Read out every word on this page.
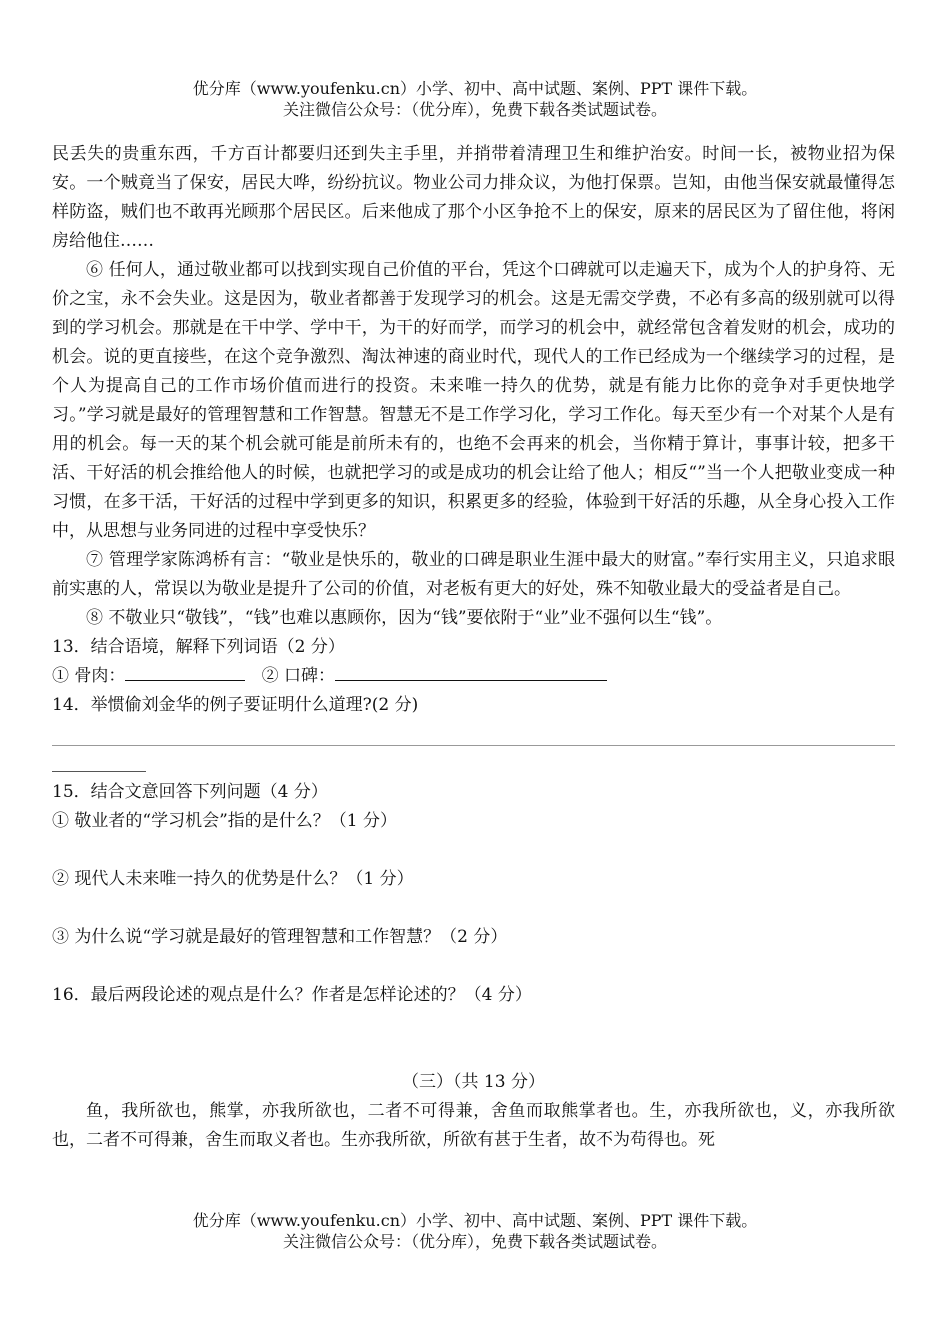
优分库（www.youfenku.cn）小学、初中、高中试题、案例、PPT 课件下载。
关注微信公众号：（优分库），免费下载各类试题试卷。

民丢失的贵重东西，千方百计都要归还到失主手里，并捎带着清理卫生和维护治安。时间一长，被物业招为保安。一个贼竟当了保安，居民大哗，纷纷抗议。物业公司力排众议，为他打保票。岂知，由他当保安就最懂得怎样防盗，贼们也不敢再光顾那个居民区。后来他成了那个小区争抢不上的保安，原来的居民区为了留住他，将闲房给他住……

⑥ 任何人，通过敬业都可以找到实现自己价值的平台，凭这个口碑就可以走遍天下，成为个人的护身符、无价之宝，永不会失业。这是因为，敬业者都善于发现学习的机会。这是无需交学费，不必有多高的级别就可以得到的学习机会。那就是在干中学、学中干，为干的好而学，而学习的机会中，就经常包含着发财的机会，成功的机会。说的更直接些，在这个竞争激烈、淘汰神速的商业时代，现代人的工作已经成为一个继续学习的过程，是个人为提高自己的工作市场价值而进行的投资。未来唯一持久的优势，就是有能力比你的竞争对手更快地学习。”学习就是最好的管理智慧和工作智慧。智慧无不是工作学习化，学习工作化。每天至少有一个对某个人是有用的机会。每一天的某个机会就可能是前所未有的，也绝不会再来的机会，当你精于算计，事事计较，把多干活、干好活的机会推给他人的时候，也就把学习的或是成功的机会让给了他人；相反“”当一个人把敬业变成一种习惯，在多干活，干好活的过程中学到更多的知识，积累更多的经验，体验到干好活的乐趣，从全身心投入工作中，从思想与业务同进的过程中享受快乐？

⑦ 管理学家陈鸿桥有言：“敬业是快乐的，敬业的口碑是职业生涯中最大的财富。”奉行实用主义，只追求眼前实惠的人，常误以为敬业是提升了公司的价值，对老板有更大的好处，殊不知敬业最大的受益者是自己。

⑧ 不敬业只“敬钱”，“钱”也难以惠顾你，因为“钱”要依附于“业”业不强何以生“钱”。

13．结合语境，解释下列词语（2 分）

① 骨肉：	② 口碑：

14．举惯偷刘金华的例子要证明什么道理?(2 分)

15．结合文意回答下列问题（4 分）

① 敬业者的“学习机会”指的是什么？（1 分）

② 现代人未来唯一持久的优势是什么？（1 分）

③ 为什么说“学习就是最好的管理智慧和工作智慧？（2 分）

16．最后两段论述的观点是什么？作者是怎样论述的？（4 分）

（三）（共 13 分）

鱼，我所欲也，熊掌，亦我所欲也，二者不可得兼，舍鱼而取熊掌者也。生，亦我所欲也，义，亦我所欲也，二者不可得兼，舍生而取义者也。生亦我所欲，所欲有甚于生者，故不为苟得也。死

优分库（www.youfenku.cn）小学、初中、高中试题、案例、PPT 课件下载。
关注微信公众号：（优分库），免费下载各类试题试卷。
